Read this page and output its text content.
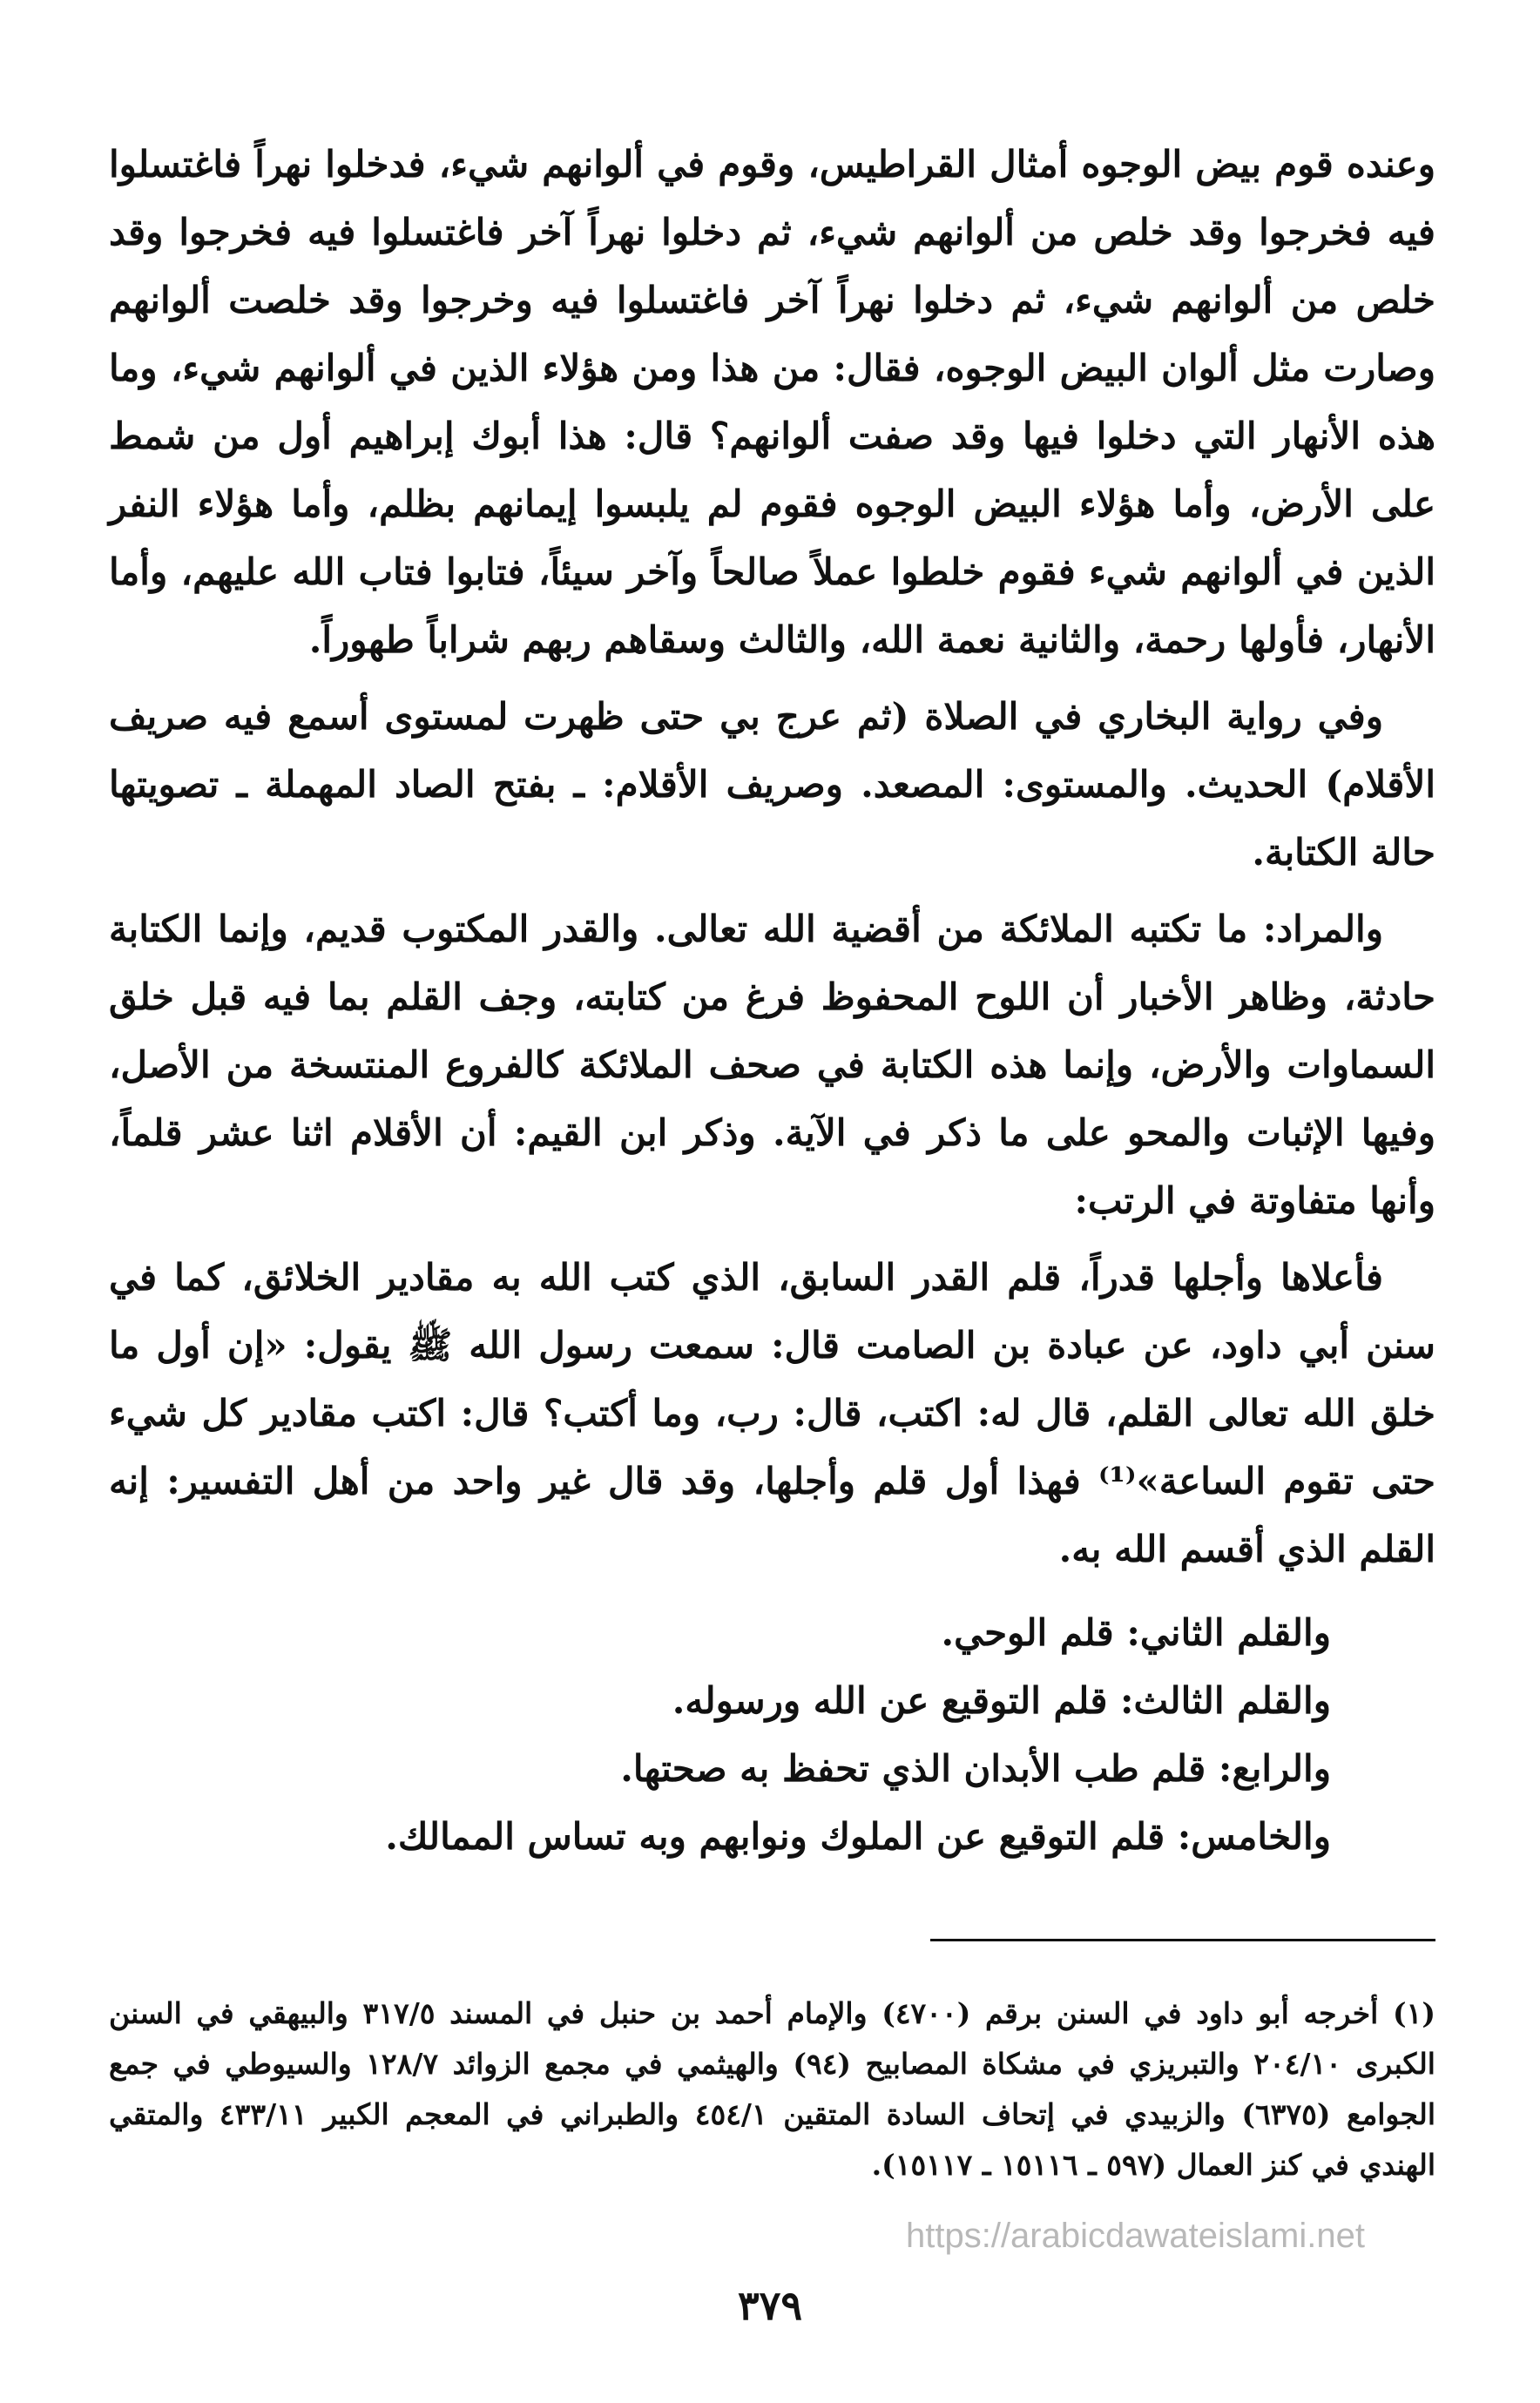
وعنده قوم بيض الوجوه أمثال القراطيس، وقوم في ألوانهم شيء، فدخلوا نهراً فاغتسلوا فيه فخرجوا وقد خلص من ألوانهم شيء، ثم دخلوا نهراً آخر فاغتسلوا فيه فخرجوا وقد خلص من ألوانهم شيء، ثم دخلوا نهراً آخر فاغتسلوا فيه وخرجوا وقد خلصت ألوانهم وصارت مثل ألوان البيض الوجوه، فقال: من هذا ومن هؤلاء الذين في ألوانهم شيء، وما هذه الأنهار التي دخلوا فيها وقد صفت ألوانهم؟ قال: هذا أبوك إبراهيم أول من شمط على الأرض، وأما هؤلاء البيض الوجوه فقوم لم يلبسوا إيمانهم بظلم، وأما هؤلاء النفر الذين في ألوانهم شيء فقوم خلطوا عملاً صالحاً وآخر سيئاً، فتابوا فتاب الله عليهم، وأما الأنهار، فأولها رحمة، والثانية نعمة الله، والثالث وسقاهم ربهم شراباً طهوراً.

وفي رواية البخاري في الصلاة (ثم عرج بي حتى ظهرت لمستوى أسمع فيه صريف الأقلام) الحديث. والمستوى: المصعد. وصريف الأقلام: ـ بفتح الصاد المهملة ـ تصويتها حالة الكتابة.

والمراد: ما تكتبه الملائكة من أقضية الله تعالى. والقدر المكتوب قديم، وإنما الكتابة حادثة، وظاهر الأخبار أن اللوح المحفوظ فرغ من كتابته، وجف القلم بما فيه قبل خلق السماوات والأرض، وإنما هذه الكتابة في صحف الملائكة كالفروع المنتسخة من الأصل، وفيها الإثبات والمحو على ما ذكر في الآية. وذكر ابن القيم: أن الأقلام اثنا عشر قلماً، وأنها متفاوتة في الرتب:

فأعلاها وأجلها قدراً، قلم القدر السابق، الذي كتب الله به مقادير الخلائق، كما في سنن أبي داود، عن عبادة بن الصامت قال: سمعت رسول الله ﷺ يقول: «إن أول ما خلق الله تعالى القلم، قال له: اكتب، قال: رب، وما أكتب؟ قال: اكتب مقادير كل شيء حتى تقوم الساعة»⁽¹⁾ فهذا أول قلم وأجلها، وقد قال غير واحد من أهل التفسير: إنه القلم الذي أقسم الله به.

والقلم الثاني: قلم الوحي.
والقلم الثالث: قلم التوقيع عن الله ورسوله.
والرابع: قلم طب الأبدان الذي تحفظ به صحتها.
والخامس: قلم التوقيع عن الملوك ونوابهم وبه تساس الممالك.

(١) أخرجه أبو داود في السنن برقم (٤٧٠٠) والإمام أحمد بن حنبل في المسند ٣١٧/٥ والبيهقي في السنن الكبرى ٢٠٤/١٠ والتبريزي في مشكاة المصابيح (٩٤) والهيثمي في مجمع الزوائد ١٢٨/٧ والسيوطي في جمع الجوامع (٦٣٧٥) والزبيدي في إتحاف السادة المتقين ٤٥٤/١ والطبراني في المعجم الكبير ٤٣٣/١١ والمتقي الهندي في كنز العمال (٥٩٧ ـ ١٥١١٦ ـ ١٥١١٧).

https://arabicdawateislami.net
٣٧٩
